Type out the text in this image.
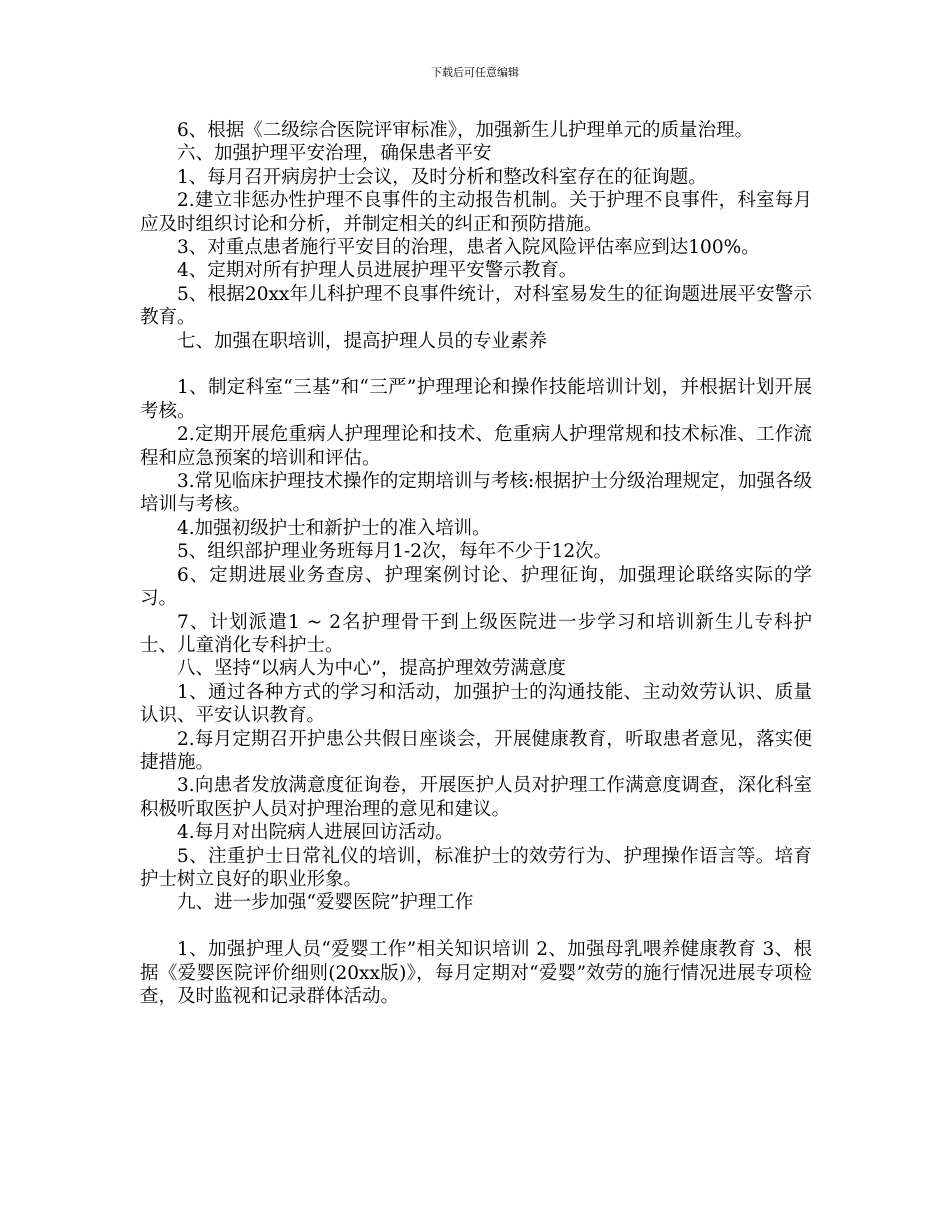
下载后可任意编辑

6、根据《二级综合医院评审标准》，加强新生儿护理单元的质量治理。

六、加强护理平安治理，确保患者平安

1、每月召开病房护士会议，及时分析和整改科室存在的征询题。

2.建立非惩办性护理不良事件的主动报告机制。关于护理不良事件，科室每月应及时组织讨论和分析，并制定相关的纠正和预防措施。

3、对重点患者施行平安目的治理，患者入院风险评估率应到达100%。

4、定期对所有护理人员进展护理平安警示教育。

5、根据20xx年儿科护理不良事件统计，对科室易发生的征询题进展平安警示教育。

七、加强在职培训，提高护理人员的专业素养

1、制定科室“三基”和“三严”护理理论和操作技能培训计划，并根据计划开展考核。

2.定期开展危重病人护理理论和技术、危重病人护理常规和技术标准、工作流程和应急预案的培训和评估。

3.常见临床护理技术操作的定期培训与考核:根据护士分级治理规定，加强各级培训与考核。

4.加强初级护士和新护士的准入培训。

5、组织部护理业务班每月1-2次，每年不少于12次。

6、定期进展业务查房、护理案例讨论、护理征询，加强理论联络实际的学习。

7、计划派遣1 ~ 2名护理骨干到上级医院进一步学习和培训新生儿专科护士、儿童消化专科护士。

八、坚持“以病人为中心”，提高护理效劳满意度

1、通过各种方式的学习和活动，加强护士的沟通技能、主动效劳认识、质量认识、平安认识教育。

2.每月定期召开护患公共假日座谈会，开展健康教育，听取患者意见，落实便捷措施。

3.向患者发放满意度征询卷，开展医护人员对护理工作满意度调查，深化科室积极听取医护人员对护理治理的意见和建议。

4.每月对出院病人进展回访活动。

5、注重护士日常礼仪的培训，标准护士的效劳行为、护理操作语言等。培育护士树立良好的职业形象。

九、进一步加强“爱婴医院”护理工作

1、加强护理人员“爱婴工作”相关知识培训 2、加强母乳喂养健康教育 3、根据《爱婴医院评价细则(20xx版)》，每月定期对“爱婴”效劳的施行情况进展专项检查，及时监视和记录群体活动。
